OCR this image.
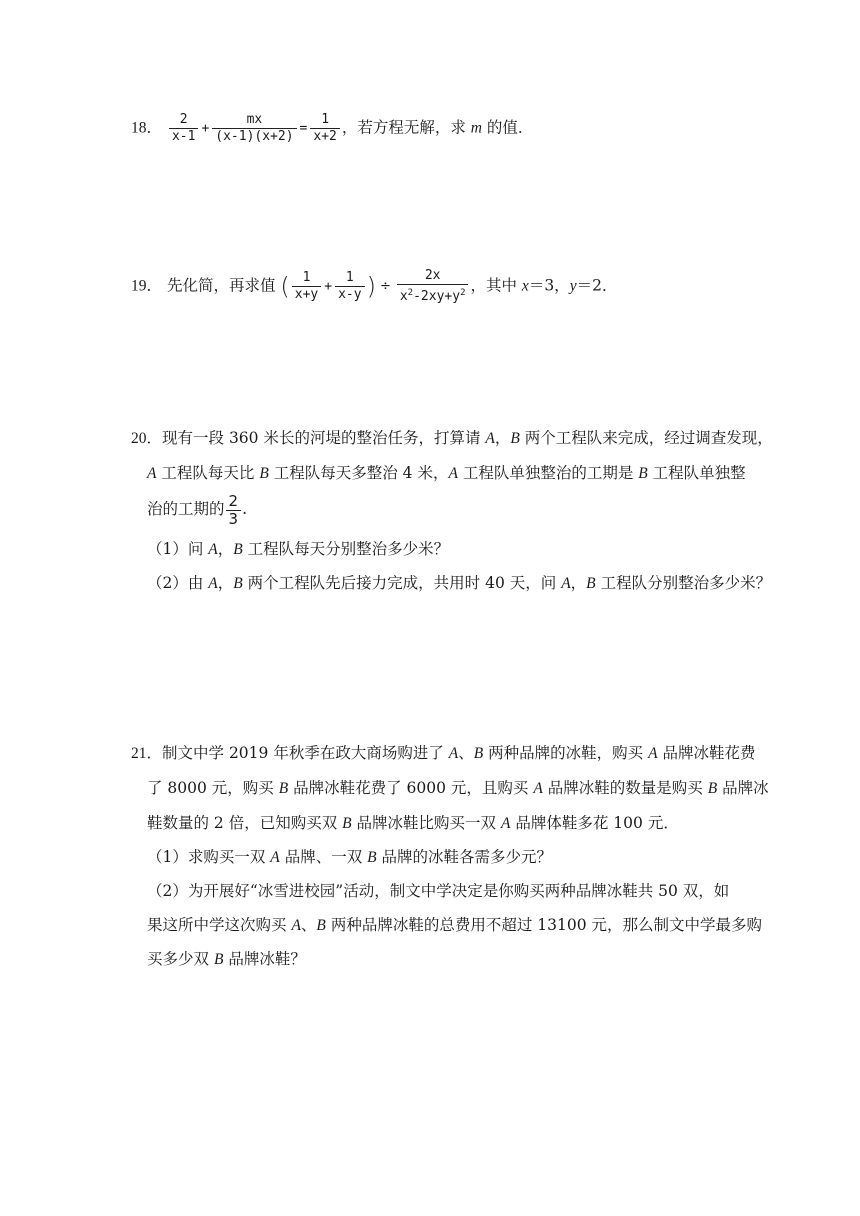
18． $\frac{2}{x-1} + \frac{mx}{(x-1)(x+2)} = \frac{1}{x+2}$ ，若方程无解，求 m 的值．
19． 先化简，再求值 ( $\frac{1}{x+y} + \frac{1}{x-y}$ ) ÷ $\frac{2x}{x^2-2xy+y^2}$ ，其中 x＝3，y＝2．
20．现有一段 360 米长的河堤的整治任务，打算请 A，B 两个工程队来完成，经过调查发现，
A 工程队每天比 B 工程队每天多整治 4 米，A 工程队单独整治的工期是 B 工程队单独整
治的工期的 $\frac{2}{3}$ .
（1）问 A，B 工程队每天分别整治多少米？
（2）由 A，B 两个工程队先后接力完成，共用时 40 天，问 A，B 工程队分别整治多少米？
21．制文中学 2019 年秋季在政大商场购进了 A、B 两种品牌的冰鞋，购买 A 品牌冰鞋花费
了 8000 元，购买 B 品牌冰鞋花费了 6000 元，且购买 A 品牌冰鞋的数量是购买 B 品牌冰
鞋数量的 2 倍，已知购买双 B 品牌冰鞋比购买一双 A 品牌体鞋多花 100 元．
（1）求购买一双 A 品牌、一双 B 品牌的冰鞋各需多少元？
（2）为开展好“冰雪进校园”活动，制文中学决定是你购买两种品牌冰鞋共 50 双，如
果这所中学这次购买 A、B 两种品牌冰鞋的总费用不超过 13100 元，那么制文中学最多购
买多少双 B 品牌冰鞋？
